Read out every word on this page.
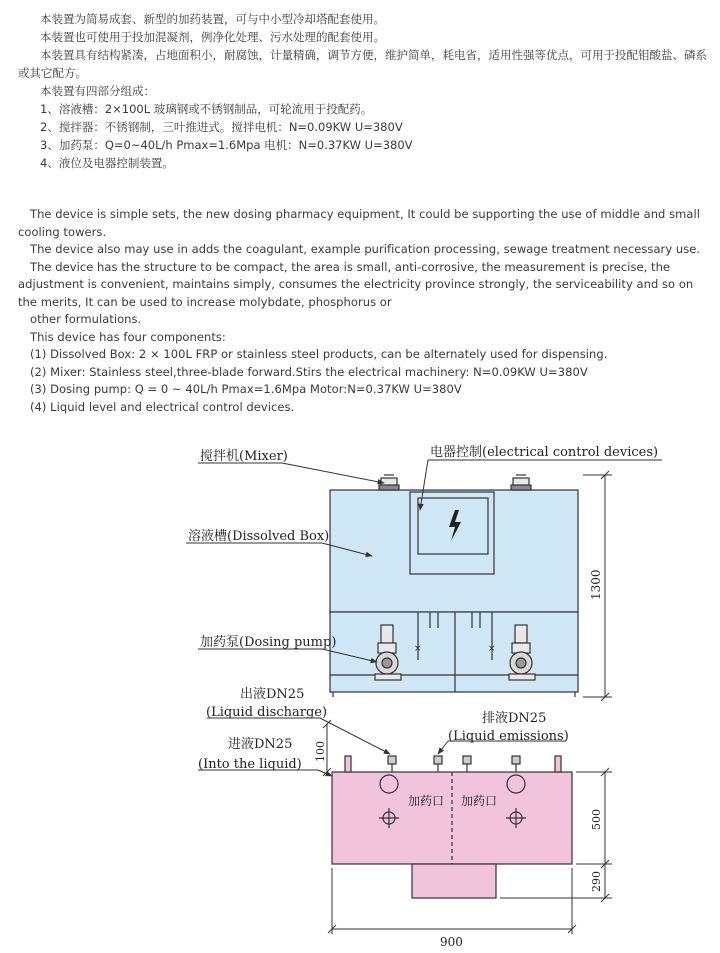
本装置为简易成套、新型的加药装置，可与中小型冷却塔配套使用。

本装置也可使用于投加混凝剂，例净化处理、污水处理的配套使用。

本装置具有结构紧凑，占地面积小，耐腐蚀，计量精确，调节方便，维护简单，耗电省，适用性强等优点，可用于投配钼酸盐、磷系或其它配方。

本装置有四部分组成：

1、溶液槽：2×100L 玻璃钢或不锈钢制品，可轮流用于投配药。

2、搅拌器：不锈钢制，三叶推进式。搅拌电机：N=0.09KW U=380V

3、加药泵：Q=0~40L/h Pmax=1.6Mpa 电机：N=0.37KW U=380V

4、液位及电器控制装置。

The device is simple sets, the new dosing pharmacy equipment, It could be supporting the use of middle and small cooling towers.

The device also may use in adds the coagulant, example purification processing, sewage treatment necessary use.

The device has the structure to be compact, the area is small, anti-corrosive, the measurement is precise, the adjustment is convenient, maintains simply, consumes the electricity province strongly, the serviceability and so on the merits, It can be used to increase molybdate, phosphorus or

other formulations.

This device has four components:

(1) Dissolved Box: 2 × 100L FRP or stainless steel products, can be alternately used for dispensing.

(2) Mixer: Stainless steel,three-blade forward.Stirs the electrical machinery: N=0.09KW U=380V

(3) Dosing pump: Q = 0 ~ 40L/h Pmax=1.6Mpa Motor:N=0.37KW U=380V

(4) Liquid level and electrical control devices.

×	×
搅拌机(Mixer)	电器控制(electrical control devices)
溶液槽(Dissolved Box)
加药泵(Dosing pump)
1300
出液DN25
(Liquid discharge)	排液DN25
(Liquid emissions)
进液DN25
(Into the liquid)
加药口 加药口
100
500
290
900
